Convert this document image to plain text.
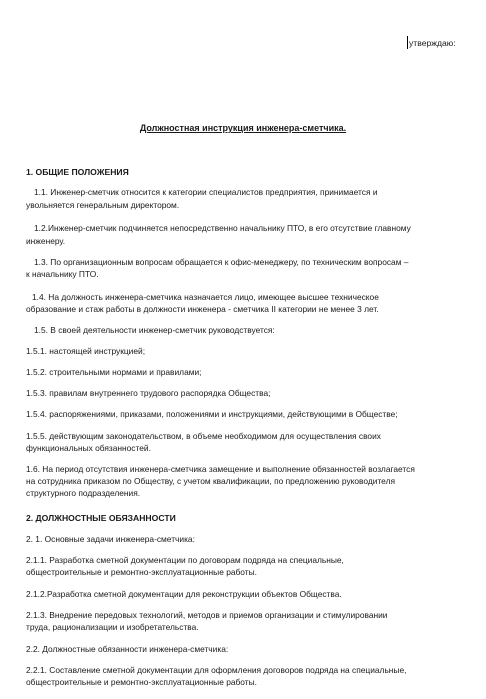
утверждаю:
Должностная инструкция инженера-сметчика.
1. ОБЩИЕ ПОЛОЖЕНИЯ

1.1. Инженер-сметчик относится к категории специалистов предприятия, принимается и

увольняется генеральным директором.

1.2.Инженер-сметчик подчиняется непосредственно начальнику ПТО, в его отсутствие главному

инженеру.

1.3. По организационным вопросам обращается к офис-менеджеру, по техническим вопросам –

к начальнику ПТО.

1.4. На должность инженера-сметчика назначается лицо, имеющее высшее техническое

образование и стаж работы в должности инженера - сметчика II категории не менее 3 лет.

1.5. В своей деятельности инженер-сметчик руководствуется:

1.5.1. настоящей инструкцией;
1.5.2. строительными нормами и правилами;
1.5.3. правилам внутреннего трудового распорядка Общества;
1.5.4. распоряжениями, приказами, положениями и инструкциями, действующими в Обществе;

1.5.5. действующим законодательством, в объеме необходимом для осуществления своих

функциональных обязанностей.

1.6. На период отсутствия инженера-сметчика замещение и выполнение обязанностей возлагается

на сотрудника приказом по Обществу, с учетом квалификации, по предложению руководителя

структурного подразделения.

2. ДОЛЖНОСТНЫЕ ОБЯЗАННОСТИ
2. 1. Основные задачи инженера-сметчика:

2.1.1. Разработка сметной документации по договорам подряда на специальные,

общестроительные и ремонтно-эксплуатационные работы.

2.1.2.Разработка сметной документации для реконструкции объектов Общества.

2.1.3. Внедрение передовых технологий, методов и приемов организации и стимулировании

труда, рационализации и изобретательства.

2.2. Должностные обязанности инженера-сметчика:

2.2.1. Составление сметной документации для оформления договоров подряда на специальные,

общестроительные и ремонтно-эксплуатационные работы.
